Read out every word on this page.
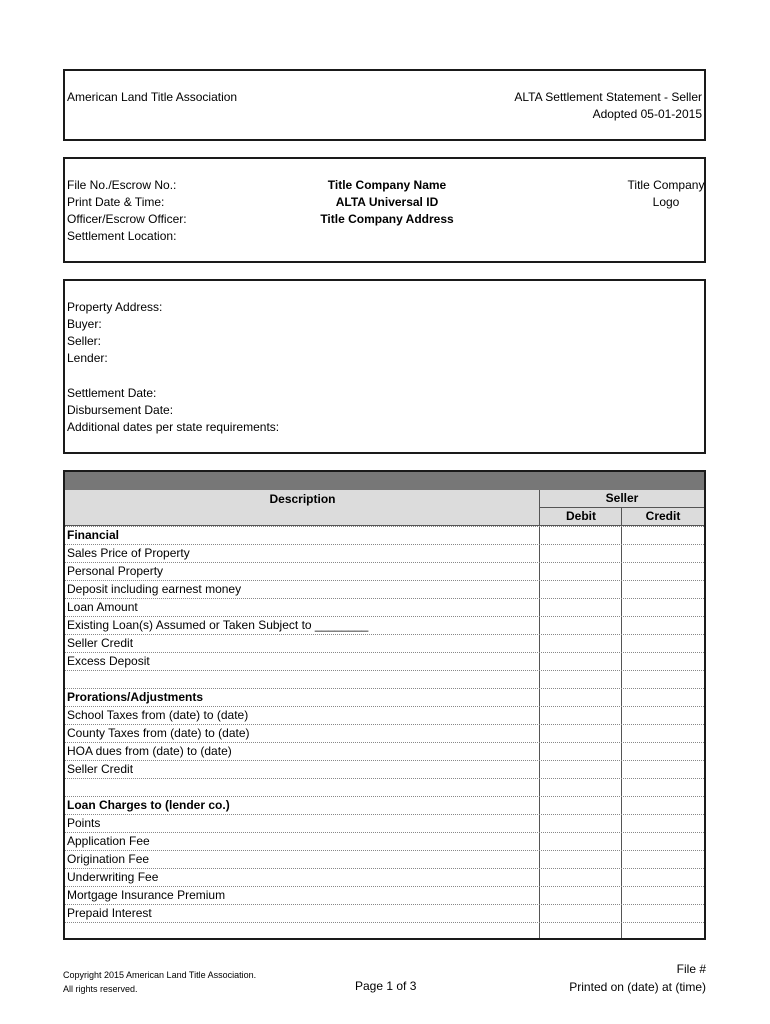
American Land Title Association	ALTA Settlement Statement - Seller
Adopted 05-01-2015
File No./Escrow No.:
Print Date & Time:
Officer/Escrow Officer:
Settlement Location:
Title Company Name
ALTA Universal ID
Title Company Address
Title Company
Logo
Property Address:
Buyer:
Seller:
Lender:
Settlement Date:
Disbursement Date:
Additional dates per state requirements:
Description	Seller
Debit	Credit
Financial
Sales Price of Property
Personal Property
Deposit including earnest money
Loan Amount
Existing Loan(s) Assumed or Taken Subject to ________
Seller Credit
Excess Deposit
Prorations/Adjustments
School Taxes from (date) to (date)
County Taxes from (date) to (date)
HOA dues from (date) to (date)
Seller Credit
Loan Charges to (lender co.)
Points
Application Fee
Origination Fee
Underwriting Fee
Mortgage Insurance Premium
Prepaid Interest
Copyright 2015 American Land Title Association.
All rights reserved.	Page 1 of 3
File #
Printed on (date) at (time)
